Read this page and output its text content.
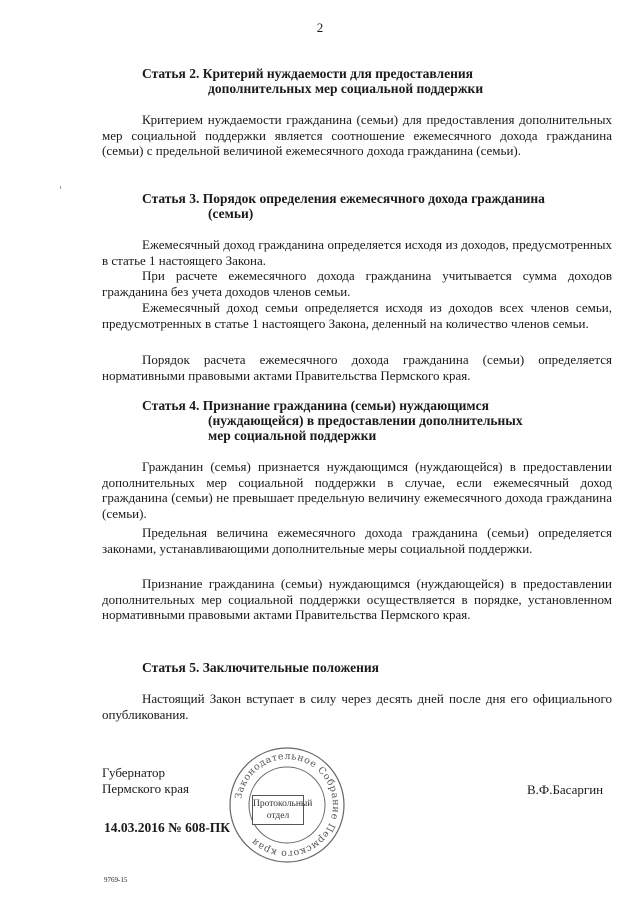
2
Статья 2. Критерий нуждаемости для предоставления
дополнительных мер социальной поддержки

Критерием нуждаемости гражданина (семьи) для предоставления дополнительных мер социальной поддержки является соотношение ежемесячного дохода гражданина (семьи) с предельной величиной ежемесячного дохода гражданина (семьи).

Статья 3. Порядок определения ежемесячного дохода гражданина
(семьи)

Ежемесячный доход гражданина определяется исходя из доходов, предусмотренных в статье 1 настоящего Закона.

При расчете ежемесячного дохода гражданина учитывается сумма доходов гражданина без учета доходов членов семьи.

Ежемесячный доход семьи определяется исходя из доходов всех членов семьи, предусмотренных в статье 1 настоящего Закона, деленный на количество членов семьи.

Порядок расчета ежемесячного дохода гражданина (семьи) определяется нормативными правовыми актами Правительства Пермского края.

Статья 4. Признание гражданина (семьи) нуждающимся
(нуждающейся) в предоставлении дополнительных
мер социальной поддержки

Гражданин (семья) признается нуждающимся (нуждающейся) в предоставлении дополнительных мер социальной поддержки в случае, если ежемесячный доход гражданина (семьи) не превышает предельную величину ежемесячного дохода гражданина (семьи).

Предельная величина ежемесячного дохода гражданина (семьи) определяется законами, устанавливающими дополнительные меры социальной поддержки.

Признание гражданина (семьи) нуждающимся (нуждающейся) в предоставлении дополнительных мер социальной поддержки осуществляется в порядке, установленном нормативными правовыми актами Правительства Пермского края.

Статья 5. Заключительные положения

Настоящий Закон вступает в силу через десять дней после дня его официального опубликования.

Губернатор
Пермского края	В.Ф.Басаргин
Законодательное Собрание Пермского края
Протокольный
отдел
14.03.2016 № 608-ПК
9769-15
